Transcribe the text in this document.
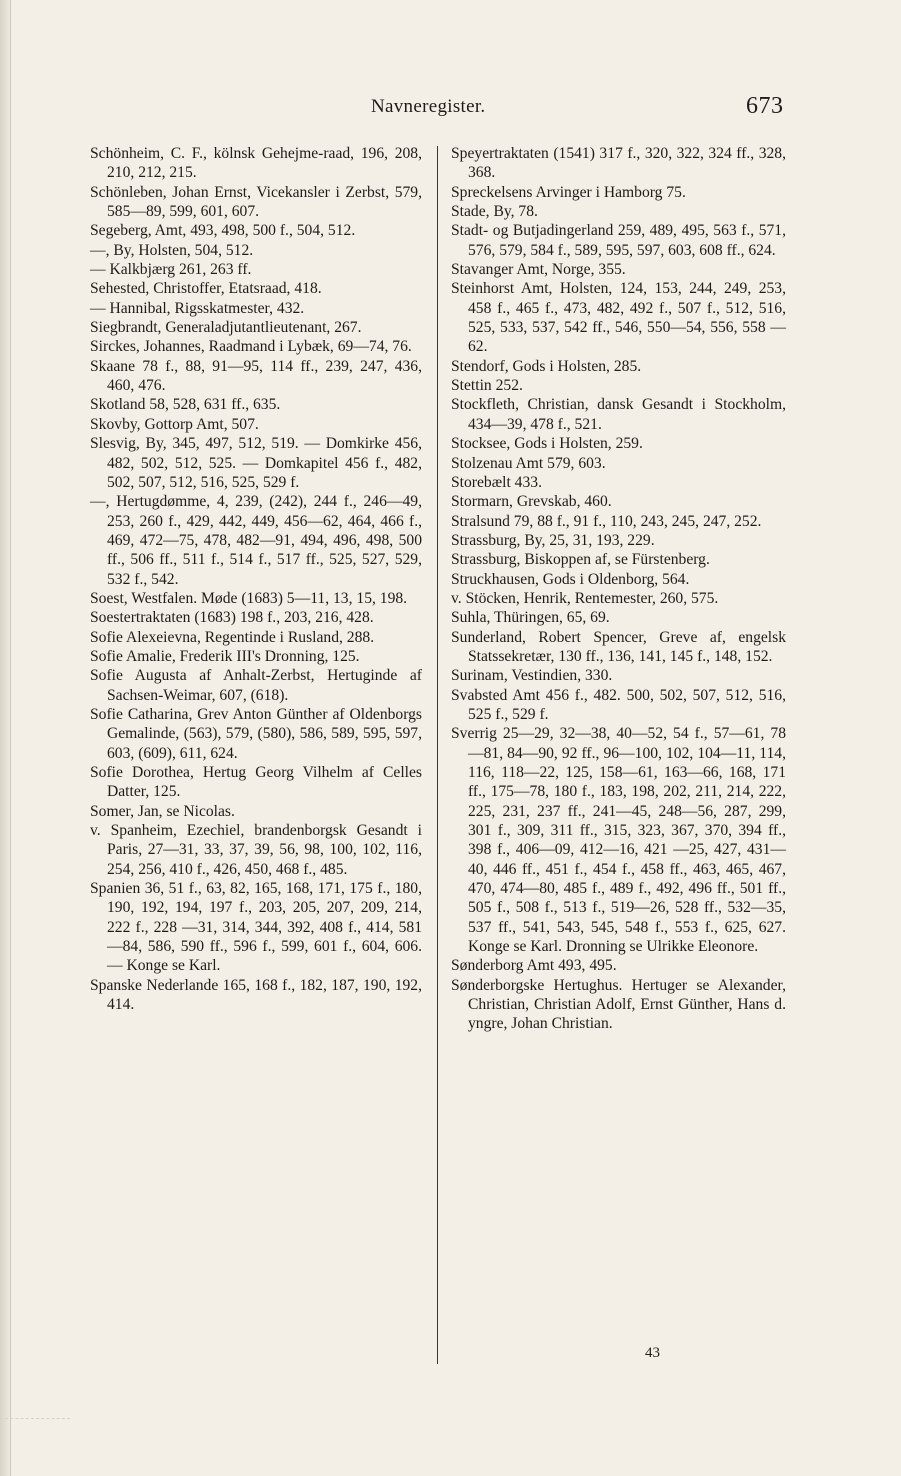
Navneregister.	673

Schönheim, C. F., kölnsk Gehejme-raad, 196, 208, 210, 212, 215.

Schönleben, Johan Ernst, Vicekansler i Zerbst, 579, 585—89, 599, 601, 607.

Segeberg, Amt, 493, 498, 500 f., 504, 512.

—, By, Holsten, 504, 512.

— Kalkbjærg 261, 263 ff.

Sehested, Christoffer, Etatsraad, 418.

— Hannibal, Rigsskatmester, 432.

Siegbrandt, Generaladjutantlieutenant, 267.

Sirckes, Johannes, Raadmand i Lybæk, 69—74, 76.

Skaane 78 f., 88, 91—95, 114 ff., 239, 247, 436, 460, 476.

Skotland 58, 528, 631 ff., 635.

Skovby, Gottorp Amt, 507.

Slesvig, By, 345, 497, 512, 519. — Domkirke 456, 482, 502, 512, 525. — Domkapitel 456 f., 482, 502, 507, 512, 516, 525, 529 f.

—, Hertugdømme, 4, 239, (242), 244 f., 246—49, 253, 260 f., 429, 442, 449, 456—62, 464, 466 f., 469, 472—75, 478, 482—91, 494, 496, 498, 500 ff., 506 ff., 511 f., 514 f., 517 ff., 525, 527, 529, 532 f., 542.

Soest, Westfalen. Møde (1683) 5—11, 13, 15, 198.

Soestertraktaten (1683) 198 f., 203, 216, 428.

Sofie Alexeievna, Regentinde i Rusland, 288.

Sofie Amalie, Frederik III's Dronning, 125.

Sofie Augusta af Anhalt-Zerbst, Hertuginde af Sachsen-Weimar, 607, (618).

Sofie Catharina, Grev Anton Günther af Oldenborgs Gemalinde, (563), 579, (580), 586, 589, 595, 597, 603, (609), 611, 624.

Sofie Dorothea, Hertug Georg Vilhelm af Celles Datter, 125.

Somer, Jan, se Nicolas.

v. Spanheim, Ezechiel, brandenborgsk Gesandt i Paris, 27—31, 33, 37, 39, 56, 98, 100, 102, 116, 254, 256, 410 f., 426, 450, 468 f., 485.

Spanien 36, 51 f., 63, 82, 165, 168, 171, 175 f., 180, 190, 192, 194, 197 f., 203, 205, 207, 209, 214, 222 f., 228 —31, 314, 344, 392, 408 f., 414, 581 —84, 586, 590 ff., 596 f., 599, 601 f., 604, 606. — Konge se Karl.

Spanske Nederlande 165, 168 f., 182, 187, 190, 192, 414.

Speyertraktaten (1541) 317 f., 320, 322, 324 ff., 328, 368.

Spreckelsens Arvinger i Hamborg 75.

Stade, By, 78.

Stadt- og Butjadingerland 259, 489, 495, 563 f., 571, 576, 579, 584 f., 589, 595, 597, 603, 608 ff., 624.

Stavanger Amt, Norge, 355.

Steinhorst Amt, Holsten, 124, 153, 244, 249, 253, 458 f., 465 f., 473, 482, 492 f., 507 f., 512, 516, 525, 533, 537, 542 ff., 546, 550—54, 556, 558 —62.

Stendorf, Gods i Holsten, 285.

Stettin 252.

Stockfleth, Christian, dansk Gesandt i Stockholm, 434—39, 478 f., 521.

Stocksee, Gods i Holsten, 259.

Stolzenau Amt 579, 603.

Storebælt 433.

Stormarn, Grevskab, 460.

Stralsund 79, 88 f., 91 f., 110, 243, 245, 247, 252.

Strassburg, By, 25, 31, 193, 229.

Strassburg, Biskoppen af, se Fürstenberg.

Struckhausen, Gods i Oldenborg, 564.

v. Stöcken, Henrik, Rentemester, 260, 575.

Suhla, Thüringen, 65, 69.

Sunderland, Robert Spencer, Greve af, engelsk Statssekretær, 130 ff., 136, 141, 145 f., 148, 152.

Surinam, Vestindien, 330.

Svabsted Amt 456 f., 482. 500, 502, 507, 512, 516, 525 f., 529 f.

Sverrig 25—29, 32—38, 40—52, 54 f., 57—61, 78—81, 84—90, 92 ff., 96—100, 102, 104—11, 114, 116, 118—22, 125, 158—61, 163—66, 168, 171 ff., 175—78, 180 f., 183, 198, 202, 211, 214, 222, 225, 231, 237 ff., 241—45, 248—56, 287, 299, 301 f., 309, 311 ff., 315, 323, 367, 370, 394 ff., 398 f., 406—09, 412—16, 421 —25, 427, 431—40, 446 ff., 451 f., 454 f., 458 ff., 463, 465, 467, 470, 474—80, 485 f., 489 f., 492, 496 ff., 501 ff., 505 f., 508 f., 513 f., 519—26, 528 ff., 532—35, 537 ff., 541, 543, 545, 548 f., 553 f., 625, 627. Konge se Karl. Dronning se Ulrikke Eleonore.

Sønderborg Amt 493, 495.

Sønderborgske Hertughus. Hertuger se Alexander, Christian, Christian Adolf, Ernst Günther, Hans d. yngre, Johan Christian.

43
